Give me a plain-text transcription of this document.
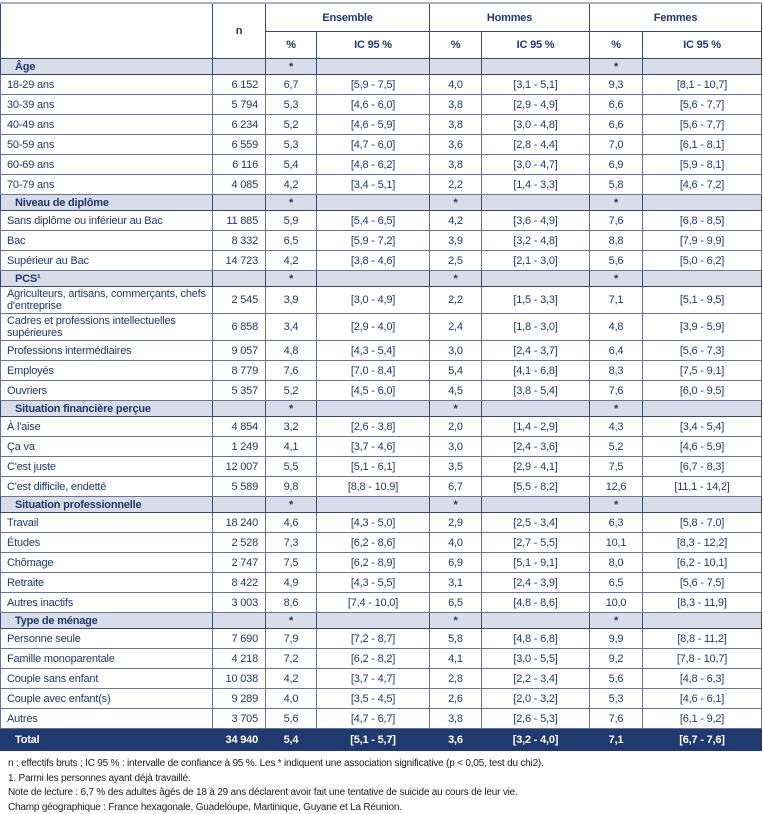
	n	Ensemble		Hommes		Femmes	
		%	IC 95 %	%	IC 95 %	%	IC 95 %
Âge		*				*	
18-29 ans	6 152	6,7	[5,9 - 7,5]	4,0	[3,1 - 5,1]	9,3	[8,1 - 10,7]
30-39 ans	5 794	5,3	[4,6 - 6,0]	3,8	[2,9 - 4,9]	6,6	[5,6 - 7,7]
40-49 ans	6 234	5,2	[4,6 - 5,9]	3,8	[3,0 - 4,8]	6,6	[5,6 - 7,7]
50-59 ans	6 559	5,3	[4,7 - 6,0]	3,6	[2,8 - 4,4]	7,0	[6,1 - 8,1]
60-69 ans	6 116	5,4	[4,8 - 6,2]	3,8	[3,0 - 4,7]	6,9	[5,9 - 8,1]
70-79 ans	4 085	4,2	[3,4 - 5,1]	2,2	[1,4 - 3,3]	5,8	[4,6 - 7,2]
Niveau de diplôme		*		*		*	
Sans diplôme ou inférieur au Bac	11 885	5,9	[5,4 - 6,5]	4,2	[3,6 - 4,9]	7,6	[6,8 - 8,5]
Bac	8 332	6,5	[5,9 - 7,2]	3,9	[3,2 - 4,8]	8,8	[7,9 - 9,9]
Supérieur au Bac	14 723	4,2	[3,8 - 4,6]	2,5	[2,1 - 3,0]	5,6	[5,0 - 6,2]
PCS¹		*		*		*	
Agriculteurs, artisans, commerçants, chefs d'entreprise	2 545	3,9	[3,0 - 4,9]	2,2	[1,5 - 3,3]	7,1	[5,1 - 9,5]
Cadres et professions intellectuelles supérieures	6 858	3,4	[2,9 - 4,0]	2,4	[1,8 - 3,0]	4,8	[3,9 - 5,9]
Professions intermédiaires	9 057	4,8	[4,3 - 5,4]	3,0	[2,4 - 3,7]	6,4	[5,6 - 7,3]
Employés	8 779	7,6	[7,0 - 8,4]	5,4	[4,1 - 6,8]	8,3	[7,5 - 9,1]
Ouvriers	5 357	5,2	[4,5 - 6,0]	4,5	[3,8 - 5,4]	7,6	[6,0 - 9,5]
Situation financière perçue		*		*		*	
À l'aise	4 854	3,2	[2,6 - 3,8]	2,0	[1,4 - 2,9]	4,3	[3,4 - 5,4]
Ça va	1 249	4,1	[3,7 - 4,6]	3,0	[2,4 - 3,6]	5,2	[4,6 - 5,9]
C'est juste	12 007	5,5	[5,1 - 6,1]	3,5	[2,9 - 4,1]	7,5	[6,7 - 8,3]
C'est difficile, endetté	5 589	9,8	[8,8 - 10,9]	6,7	[5,5 - 8,2]	12,6	[11,1 - 14,2]
Situation professionnelle		*		*		*	
Travail	18 240	4,6	[4,3 - 5,0]	2,9	[2,5 - 3,4]	6,3	[5,8 - 7,0]
Études	2 528	7,3	[6,2 - 8,6]	4,0	[2,7 - 5,5]	10,1	[8,3 - 12,2]
Chômage	2 747	7,5	[6,2 - 8,9]	6,9	[5,1 - 9,1]	8,0	[6,2 - 10,1]
Retraite	8 422	4,9	[4,3 - 5,5]	3,1	[2,4 - 3,9]	6,5	[5,6 - 7,5]
Autres inactifs	3 003	8,6	[7,4 - 10,0]	6,5	[4,8 - 8,6]	10,0	[8,3 - 11,9]
Type de ménage		*		*		*	
Personne seule	7 690	7,9	[7,2 - 8,7]	5,8	[4,8 - 6,8]	9,9	[8,8 - 11,2]
Famille monoparentale	4 218	7,2	[6,2 - 8,2]	4,1	[3,0 - 5,5]	9,2	[7,8 - 10,7]
Couple sans enfant	10 038	4,2	[3,7 - 4,7]	2,8	[2,2 - 3,4]	5,6	[4,8 - 6,3]
Couple avec enfant(s)	9 289	4,0	[3,5 - 4,5]	2,6	[2,0 - 3,2]	5,3	[4,6 - 6,1]
Autres	3 705	5,6	[4,7 - 6,7]	3,8	[2,6 - 5,3]	7,6	[6,1 - 9,2]
Total	34 940	5,4	[5,1 - 5,7]	3,6	[3,2 - 4,0]	7,1	[6,7 - 7,6]

n : effectifs bruts ; IC 95 % : intervalle de confiance à 95 %. Les * indiquent une association significative (p < 0,05, test du chi2).

1. Parmi les personnes ayant déjà travaillé.

Note de lecture : 6,7 % des adultes âgés de 18 à 29 ans déclarent avoir fait une tentative de suicide au cours de leur vie.

Champ géographique : France hexagonale, Guadeloupe, Martinique, Guyane et La Réunion.
